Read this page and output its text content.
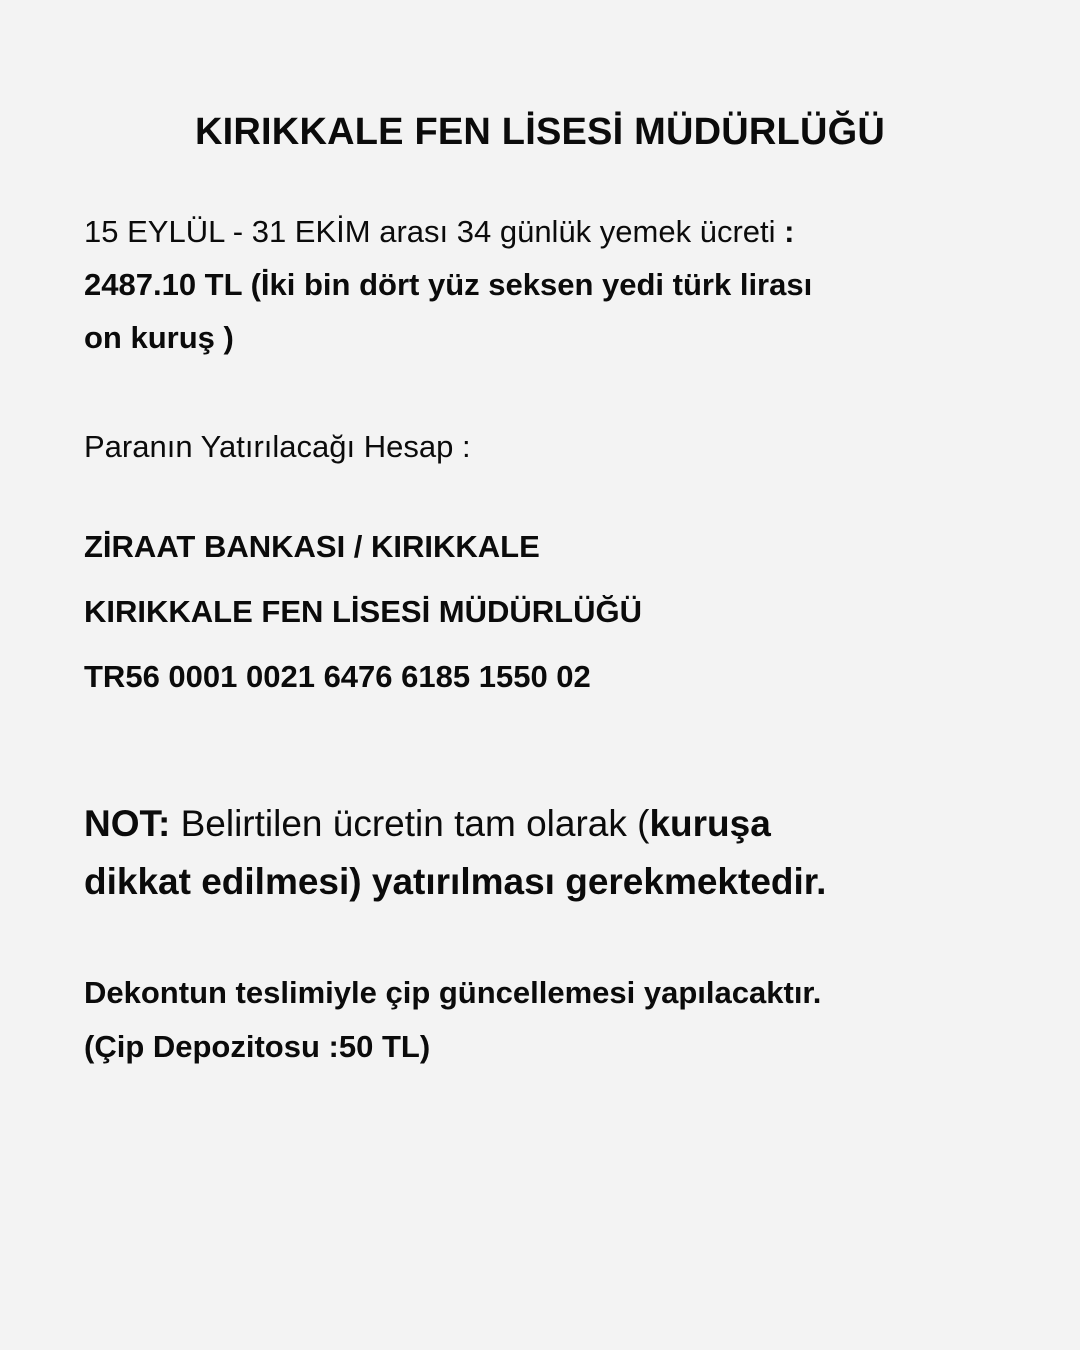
KIRIKKALE FEN LİSESİ MÜDÜRLÜĞÜ
15 EYLÜL - 31 EKİM arası 34 günlük yemek ücreti :
2487.10 TL (İki bin dört yüz seksen yedi türk lirası
on kuruş )
Paranın Yatırılacağı Hesap :
ZİRAAT BANKASI / KIRIKKALE
KIRIKKALE FEN LİSESİ MÜDÜRLÜĞÜ
TR56 0001 0021 6476 6185 1550 02
NOT: Belirtilen ücretin tam olarak (kuruşa
dikkat edilmesi) yatırılması gerekmektedir.
Dekontun teslimiyle çip güncellemesi yapılacaktır.
(Çip Depozitosu :50 TL)
